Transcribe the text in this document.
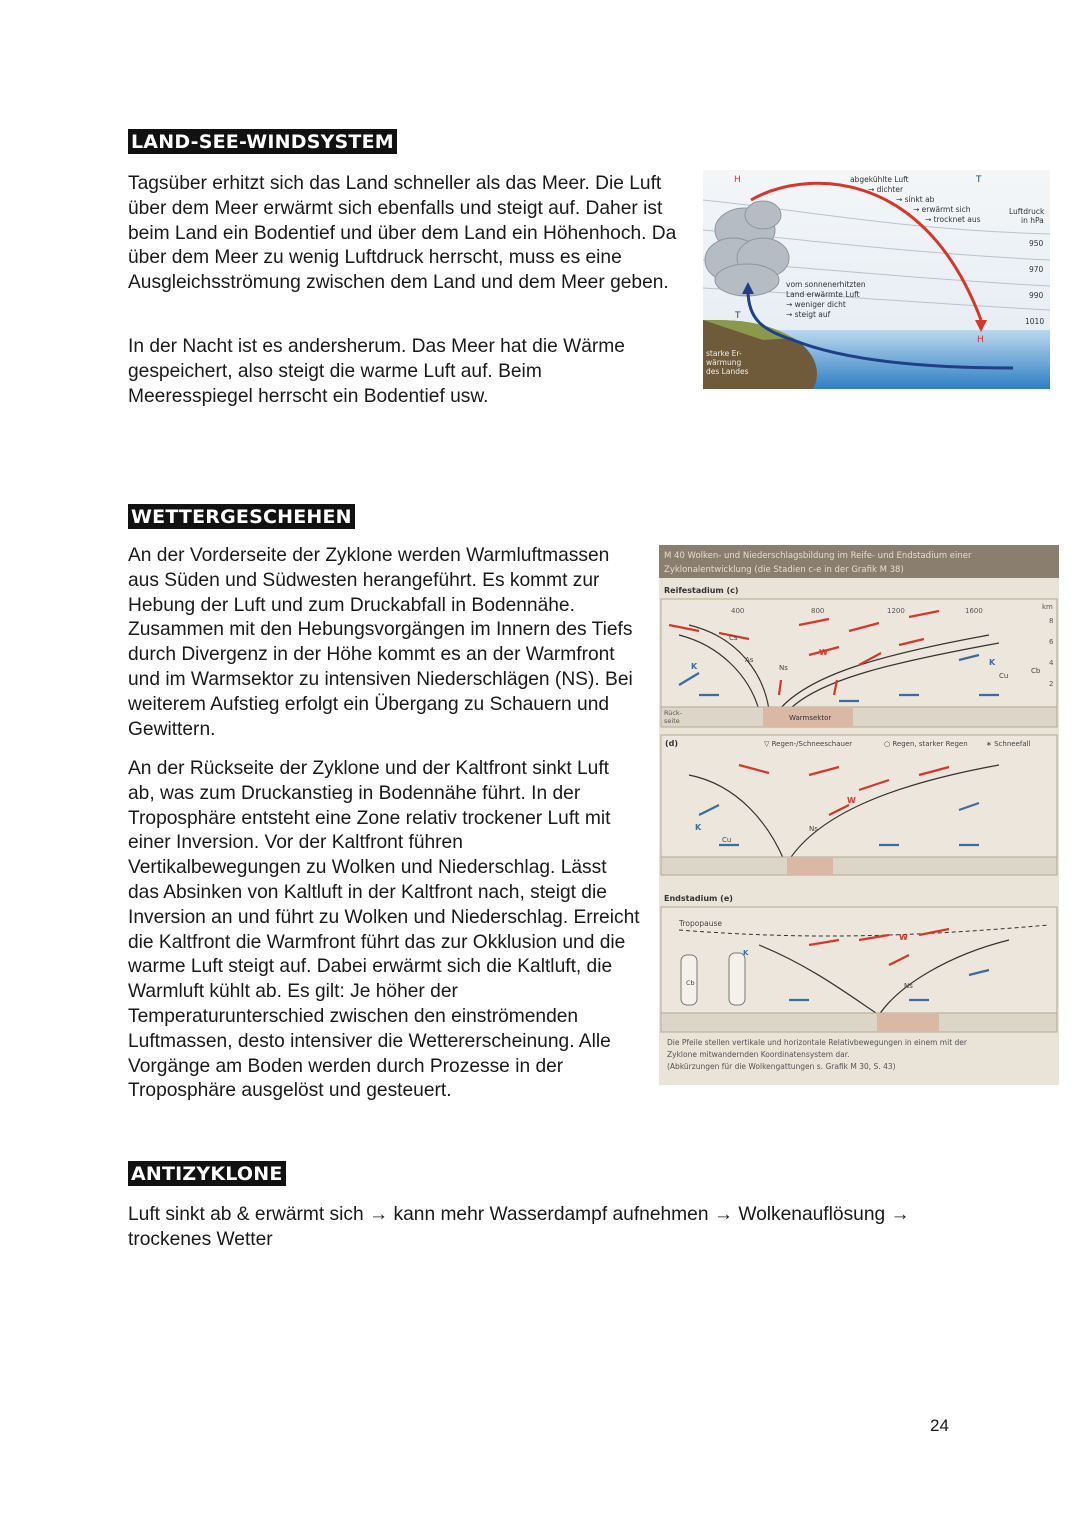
LAND-SEE-WINDSYSTEM

Tagsüber erhitzt sich das Land schneller als das Meer. Die Luft über dem Meer erwärmt sich ebenfalls und steigt auf. Daher ist beim Land ein Bodentief und über dem Land ein Höhenhoch. Da über dem Meer zu wenig Luftdruck herrscht, muss es eine Ausgleichsströmung zwischen dem Land und dem Meer geben.

In der Nacht ist es andersherum. Das Meer hat die Wärme gespeichert, also steigt die warme Luft auf. Beim Meeresspiegel herrscht ein Bodentief usw.

H	T
T
H
abgekühlte Luft
→ dichter
→ sinkt ab
→ erwärmt sich
→ trocknet aus
Luftdruck
in hPa
950
970
990
1010
vom sonnenerhitzten
Land erwärmte Luft
→ weniger dicht
→ steigt auf
starke Er-
wärmung
des Landes
WETTERGESCHEHEN

An der Vorderseite der Zyklone werden Warmluftmassen aus Süden und Südwesten herangeführt. Es kommt zur Hebung der Luft und zum Druckabfall in Bodennähe. Zusammen mit den Hebungsvorgängen im Innern des Tiefs durch Divergenz in der Höhe kommt es an der Warmfront und im Warmsektor zu intensiven Niederschlägen (NS). Bei weiterem Aufstieg erfolgt ein Übergang zu Schauern und Gewittern.

An der Rückseite der Zyklone und der Kaltfront sinkt Luft ab, was zum Druckanstieg in Bodennähe führt. In der Troposphäre entsteht eine Zone relativ trockener Luft mit einer Inversion. Vor der Kaltfront führen Vertikalbewegungen zu Wolken und Niederschlag. Lässt das Absinken von Kaltluft in der Kaltfront nach, steigt die Inversion an und führt zu Wolken und Niederschlag. Erreicht die Kaltfront die Warmfront führt das zur Okklusion und die warme Luft steigt auf. Dabei erwärmt sich die Kaltluft, die Warmluft kühlt ab. Es gilt: Je höher der Temperaturunterschied zwischen den einströmenden Luftmassen, desto intensiver die Wettererscheinung. Alle Vorgänge am Boden werden durch Prozesse in der Troposphäre ausgelöst und gesteuert.

M 40 Wolken- und Niederschlagsbildung im Reife- und Endstadium einer
Zyklonalentwicklung (die Stadien c-e in der Grafik M 38)
Reifestadium (c)
400	800	1200	1600	km
8
6
4
2
K	K
W
Cs
As
Ns
Cu
Cb
Rück-
seite	Warmsektor
(d)	▽ Regen-/Schneeschauer	○ Regen, starker Regen	∗ Schneefall
K
W
Cu
Ns
Endstadium (e)
Tropopause
Cb
K
W
Ns
Die Pfeile stellen vertikale und horizontale Relativbewegungen in einem mit der
Zyklone mitwandernden Koordinatensystem dar.
(Abkürzungen für die Wolkengattungen s. Grafik M 30, S. 43)
ANTIZYKLONE

Luft sinkt ab & erwärmt sich → kann mehr Wasserdampf aufnehmen → Wolkenauflösung → trockenes Wetter

24
